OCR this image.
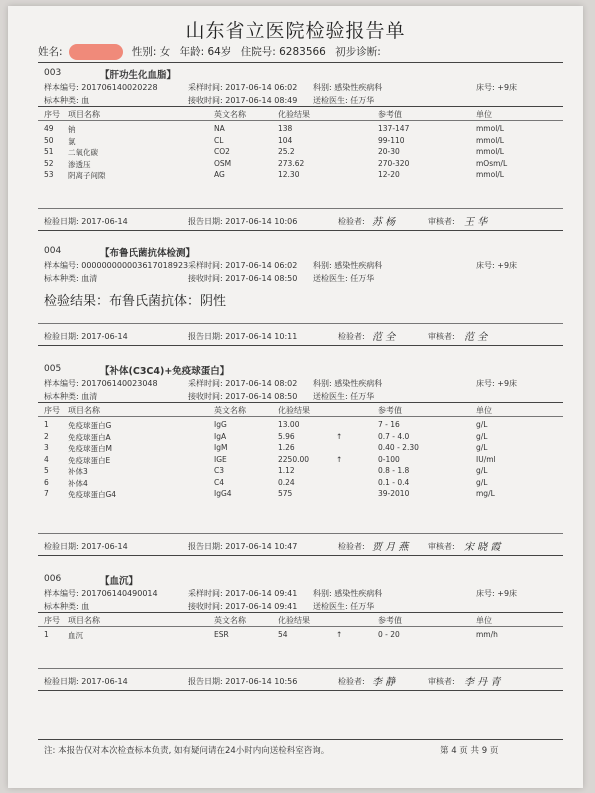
山东省立医院检验报告单
姓名:	性别: 女 年龄: 64岁 住院号: 6283566 初步诊断:
003	【肝功生化血脂】
样本编号: 201706140020228	采样时间: 2017-06-14 06:02 科别: 感染性疾病科	床号: +9床
标本种类: 血	接收时间: 2017-06-14 08:49 送检医生: 任万华
序号 项目名称	英文名称	化验结果	参考值	单位
49 钠	NA	138	137-147	mmol/L
50 氯	CL	104	99-110	mmol/L
51 二氧化碳	CO2	25.2	20-30	mmol/L
52 渗透压	OSM	273.62	270-320	mOsm/L
53 阴离子间隙	AG	12.30	12-20	mmol/L
检验日期: 2017-06-14	报告日期: 2017-06-14 10:06	检验者: 苏 杨	审核者: 王 华
004	【布鲁氏菌抗体检测】
样本编号: 000000000003617018923 采样时间: 2017-06-14 06:02 科别: 感染性疾病科	床号: +9床
标本种类: 血清	接收时间: 2017-06-14 08:50 送检医生: 任万华
检验结果：布鲁氏菌抗体：阴性
检验日期: 2017-06-14	报告日期: 2017-06-14 10:11	检验者: 范 全	审核者: 范 全
005	【补体(C3C4)+免疫球蛋白】
样本编号: 201706140023048	采样时间: 2017-06-14 08:02 科别: 感染性疾病科	床号: +9床
标本种类: 血清	接收时间: 2017-06-14 08:50 送检医生: 任万华
序号 项目名称	英文名称	化验结果	参考值	单位
1	免疫球蛋白G	IgG	13.00	7 - 16	g/L
2	免疫球蛋白A	IgA	5.96	↑	0.7 - 4.0	g/L
3	免疫球蛋白M	IgM	1.26	0.40 - 2.30	g/L
4	免疫球蛋白E	IGE	2250.00	↑	0-100	IU/ml
5	补体3	C3	1.12	0.8 - 1.8	g/L
6	补体4	C4	0.24	0.1 - 0.4	g/L
7	免疫球蛋白G4	IgG4	575	39-2010	mg/L
检验日期: 2017-06-14	报告日期: 2017-06-14 10:47	检验者: 贾 月 燕 审核者: 宋 晓 霞
006	【血沉】
样本编号: 201706140490014	采样时间: 2017-06-14 09:41 科别: 感染性疾病科	床号: +9床
标本种类: 血	接收时间: 2017-06-14 09:41 送检医生: 任万华
序号 项目名称	英文名称	化验结果	参考值	单位
1	血沉	ESR	54	↑	0 - 20	mm/h
检验日期: 2017-06-14	报告日期: 2017-06-14 10:56	检验者: 李 静	审核者: 李 丹 青
注: 本报告仅对本次检查标本负责, 如有疑问请在24小时内向送检科室咨询。	第 4 页 共 9 页
